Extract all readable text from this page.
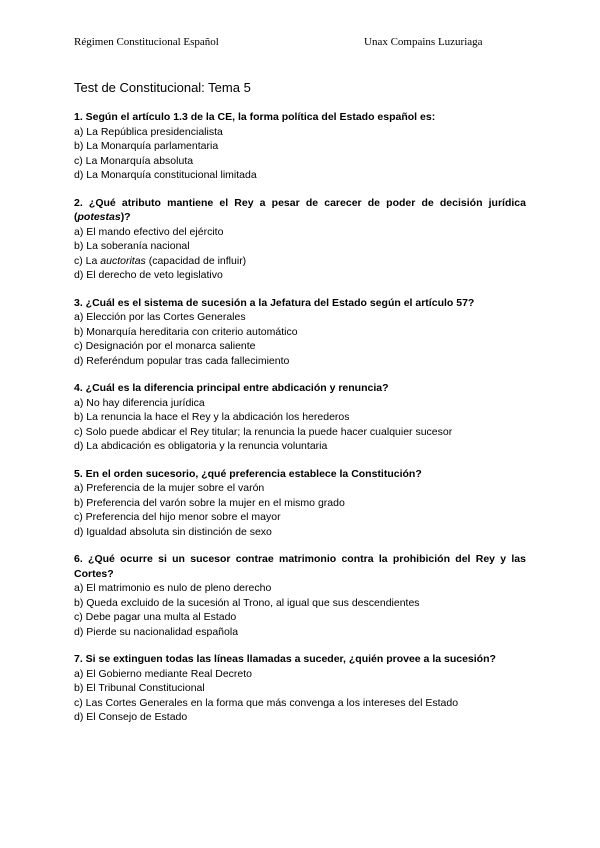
Régimen Constitucional Español	Unax Compains Luzuriaga
Test de Constitucional: Tema 5
1. Según el artículo 1.3 de la CE, la forma política del Estado español es:
a) La República presidencialista
b) La Monarquía parlamentaria
c) La Monarquía absoluta
d) La Monarquía constitucional limitada
2. ¿Qué atributo mantiene el Rey a pesar de carecer de poder de decisión jurídica (potestas)?
a) El mando efectivo del ejército
b) La soberanía nacional
c) La auctoritas (capacidad de influir)
d) El derecho de veto legislativo
3. ¿Cuál es el sistema de sucesión a la Jefatura del Estado según el artículo 57?
a) Elección por las Cortes Generales
b) Monarquía hereditaria con criterio automático
c) Designación por el monarca saliente
d) Referéndum popular tras cada fallecimiento
4. ¿Cuál es la diferencia principal entre abdicación y renuncia?
a) No hay diferencia jurídica
b) La renuncia la hace el Rey y la abdicación los herederos
c) Solo puede abdicar el Rey titular; la renuncia la puede hacer cualquier sucesor
d) La abdicación es obligatoria y la renuncia voluntaria
5. En el orden sucesorio, ¿qué preferencia establece la Constitución?
a) Preferencia de la mujer sobre el varón
b) Preferencia del varón sobre la mujer en el mismo grado
c) Preferencia del hijo menor sobre el mayor
d) Igualdad absoluta sin distinción de sexo
6. ¿Qué ocurre si un sucesor contrae matrimonio contra la prohibición del Rey y las Cortes?
a) El matrimonio es nulo de pleno derecho
b) Queda excluido de la sucesión al Trono, al igual que sus descendientes
c) Debe pagar una multa al Estado
d) Pierde su nacionalidad española
7. Si se extinguen todas las líneas llamadas a suceder, ¿quién provee a la sucesión?
a) El Gobierno mediante Real Decreto
b) El Tribunal Constitucional
c) Las Cortes Generales en la forma que más convenga a los intereses del Estado
d) El Consejo de Estado
